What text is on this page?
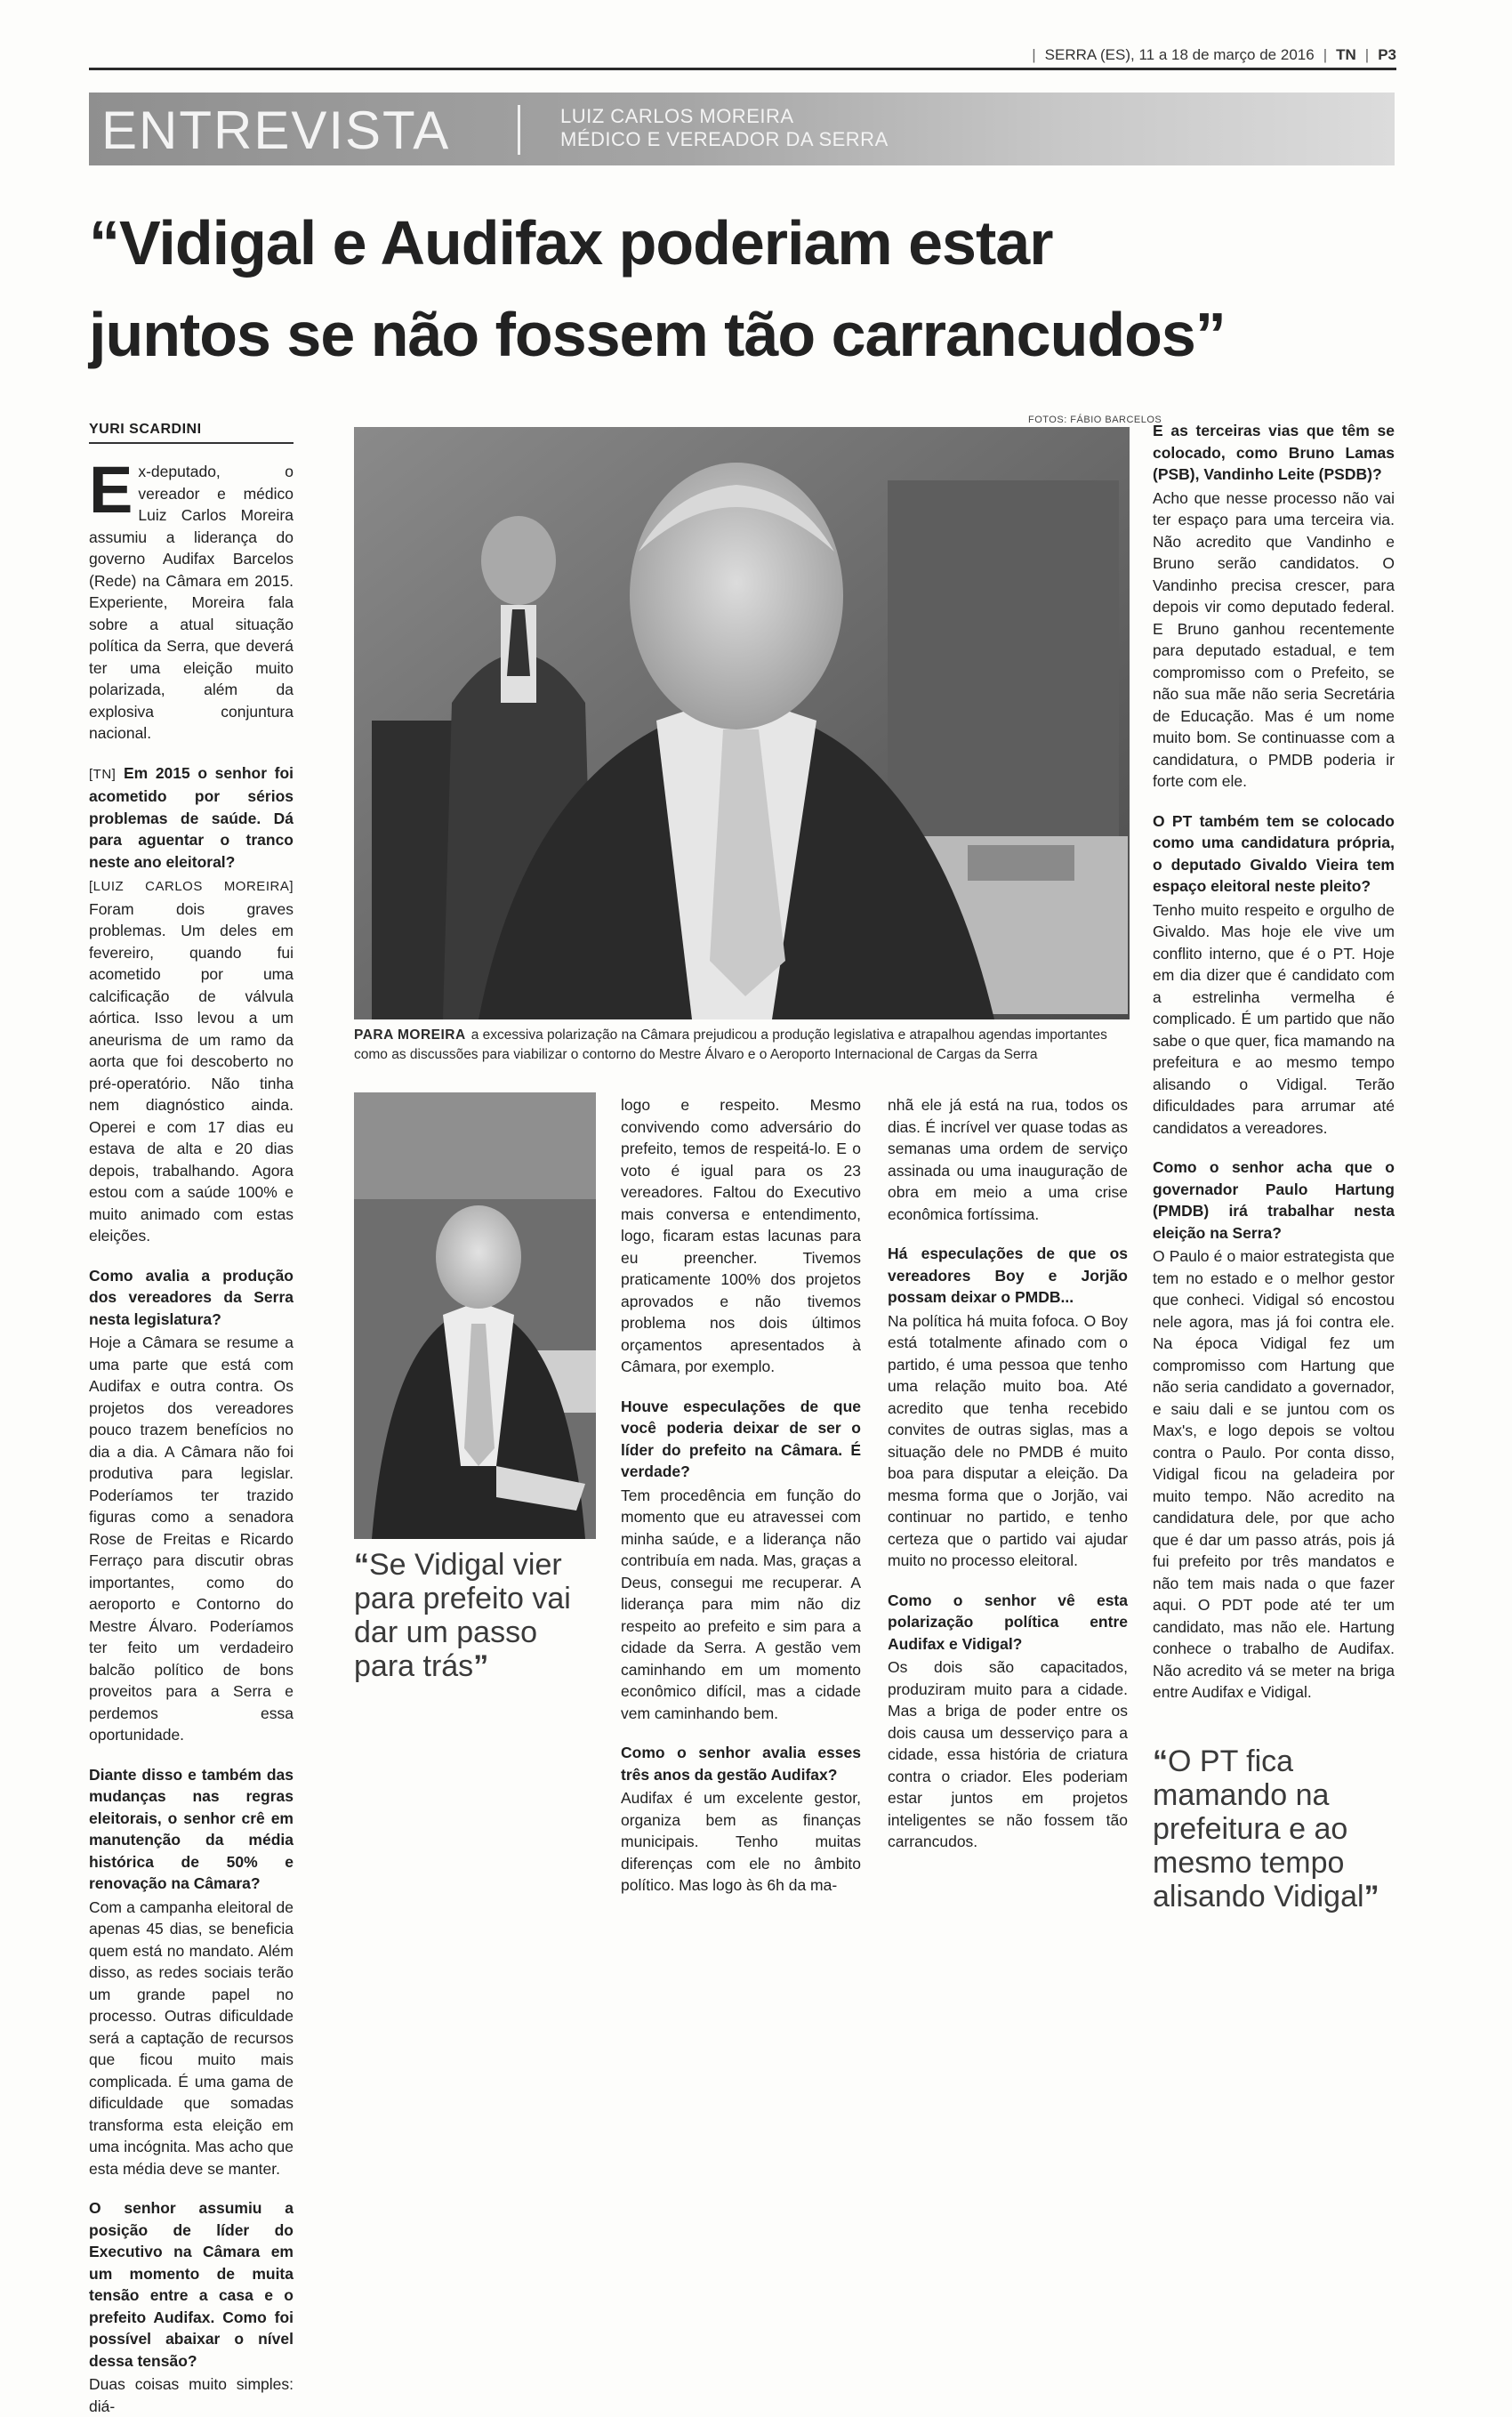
| SERRA (ES), 11 a 18 de março de 2016 | TN | P3
ENTREVISTA	LUIZ CARLOS MOREIRA
MÉDICO E VEREADOR DA SERRA
“Vidigal e Audifax poderiam estar
juntos se não fossem tão carrancudos”
YURI SCARDINI
FOTOS: FÁBIO BARCELOS
PARA MOREIRA a excessiva polarização na Câmara prejudicou a produção legislativa e atrapalhou agendas importantes como as discussões para viabilizar o contorno do Mestre Álvaro e o Aeroporto Internacional de Cargas da Serra

Ex-deputado, o vereador e médico Luiz Carlos Moreira assumiu a liderança do governo Audifax Barcelos (Rede) na Câmara em 2015. Experiente, Moreira fala sobre a atual situação política da Serra, que deverá ter uma eleição muito polarizada, além da explosiva conjuntura nacional.

[TN] Em 2015 o senhor foi acometido por sérios problemas de saúde. Dá para aguentar o tranco neste ano eleitoral?

[LUIZ CARLOS MOREIRA] Foram dois graves problemas. Um deles em fevereiro, quando fui acometido por uma calcificação de válvula aórtica. Isso levou a um aneurisma de um ramo da aorta que foi descoberto no pré-operatório. Não tinha nem diagnóstico ainda. Operei e com 17 dias eu estava de alta e 20 dias depois, trabalhando. Agora estou com a saúde 100% e muito animado com estas eleições.

Como avalia a produção dos vereadores da Serra nesta legislatura?

Hoje a Câmara se resume a uma parte que está com Audifax e outra contra. Os projetos dos vereadores pouco trazem benefícios no dia a dia. A Câmara não foi produtiva para legislar. Poderíamos ter trazido figuras como a senadora Rose de Freitas e Ricardo Ferraço para discutir obras importantes, como do aeroporto e Contorno do Mestre Álvaro. Poderíamos ter feito um verdadeiro balcão político de bons proveitos para a Serra e perdemos essa oportunidade.

Diante disso e também das mudanças nas regras eleitorais, o senhor crê em manutenção da média histórica de 50% e renovação na Câmara?

Com a campanha eleitoral de apenas 45 dias, se beneficia quem está no mandato. Além disso, as redes sociais terão um grande papel no processo. Outras dificuldade será a captação de recursos que ficou muito mais complicada. É uma gama de dificuldade que somadas transforma esta eleição em uma incógnita. Mas acho que esta média deve se manter.

O senhor assumiu a posição de líder do Executivo na Câmara em um momento de muita tensão entre a casa e o prefeito Audifax. Como foi possível abaixar o nível dessa tensão?

Duas coisas muito simples: diá-

“Se Vidigal vier para prefeito vai dar um passo para trás”

logo e respeito. Mesmo convivendo como adversário do prefeito, temos de respeitá-lo. E o voto é igual para os 23 vereadores. Faltou do Executivo mais conversa e entendimento, logo, ficaram estas lacunas para eu preencher. Tivemos praticamente 100% dos projetos aprovados e não tivemos problema nos dois últimos orçamentos apresentados à Câmara, por exemplo.

Houve especulações de que você poderia deixar de ser o líder do prefeito na Câmara. É verdade?

Tem procedência em função do momento que eu atravessei com minha saúde, e a liderança não contribuía em nada. Mas, graças a Deus, consegui me recuperar. A liderança para mim não diz respeito ao prefeito e sim para a cidade da Serra. A gestão vem caminhando em um momento econômico difícil, mas a cidade vem caminhando bem.

Como o senhor avalia esses três anos da gestão Audifax?

Audifax é um excelente gestor, organiza bem as finanças municipais. Tenho muitas diferenças com ele no âmbito político. Mas logo às 6h da ma-

nhã ele já está na rua, todos os dias. É incrível ver quase todas as semanas uma ordem de serviço assinada ou uma inauguração de obra em meio a uma crise econômica fortíssima.

Há especulações de que os vereadores Boy e Jorjão possam deixar o PMDB...

Na política há muita fofoca. O Boy está totalmente afinado com o partido, é uma pessoa que tenho uma relação muito boa. Até acredito que tenha recebido convites de outras siglas, mas a situação dele no PMDB é muito boa para disputar a eleição. Da mesma forma que o Jorjão, vai continuar no partido, e tenho certeza que o partido vai ajudar muito no processo eleitoral.

Como o senhor vê esta polarização política entre Audifax e Vidigal?

Os dois são capacitados, produziram muito para a cidade. Mas a briga de poder entre os dois causa um desserviço para a cidade, essa história de criatura contra o criador. Eles poderiam estar juntos em projetos inteligentes se não fossem tão carrancudos.

E as terceiras vias que têm se colocado, como Bruno Lamas (PSB), Vandinho Leite (PSDB)?

Acho que nesse processo não vai ter espaço para uma terceira via. Não acredito que Vandinho e Bruno serão candidatos. O Vandinho precisa crescer, para depois vir como deputado federal. E Bruno ganhou recentemente para deputado estadual, e tem compromisso com o Prefeito, se não sua mãe não seria Secretária de Educação. Mas é um nome muito bom. Se continuasse com a candidatura, o PMDB poderia ir forte com ele.

O PT também tem se colocado como uma candidatura própria, o deputado Givaldo Vieira tem espaço eleitoral neste pleito?

Tenho muito respeito e orgulho de Givaldo. Mas hoje ele vive um conflito interno, que é o PT. Hoje em dia dizer que é candidato com a estrelinha vermelha é complicado. É um partido que não sabe o que quer, fica mamando na prefeitura e ao mesmo tempo alisando o Vidigal. Terão dificuldades para arrumar até candidatos a vereadores.

Como o senhor acha que o governador Paulo Hartung (PMDB) irá trabalhar nesta eleição na Serra?

O Paulo é o maior estrategista que tem no estado e o melhor gestor que conheci. Vidigal só encostou nele agora, mas já foi contra ele. Na época Vidigal fez um compromisso com Hartung que não seria candidato a governador, e saiu dali e se juntou com os Max's, e logo depois se voltou contra o Paulo. Por conta disso, Vidigal ficou na geladeira por muito tempo. Não acredito na candidatura dele, por que acho que é dar um passo atrás, pois já fui prefeito por três mandatos e não tem mais nada o que fazer aqui. O PDT pode até ter um candidato, mas não ele. Hartung conhece o trabalho de Audifax. Não acredito vá se meter na briga entre Audifax e Vidigal.

“O PT fica mamando na prefeitura e ao mesmo tempo alisando Vidigal”
